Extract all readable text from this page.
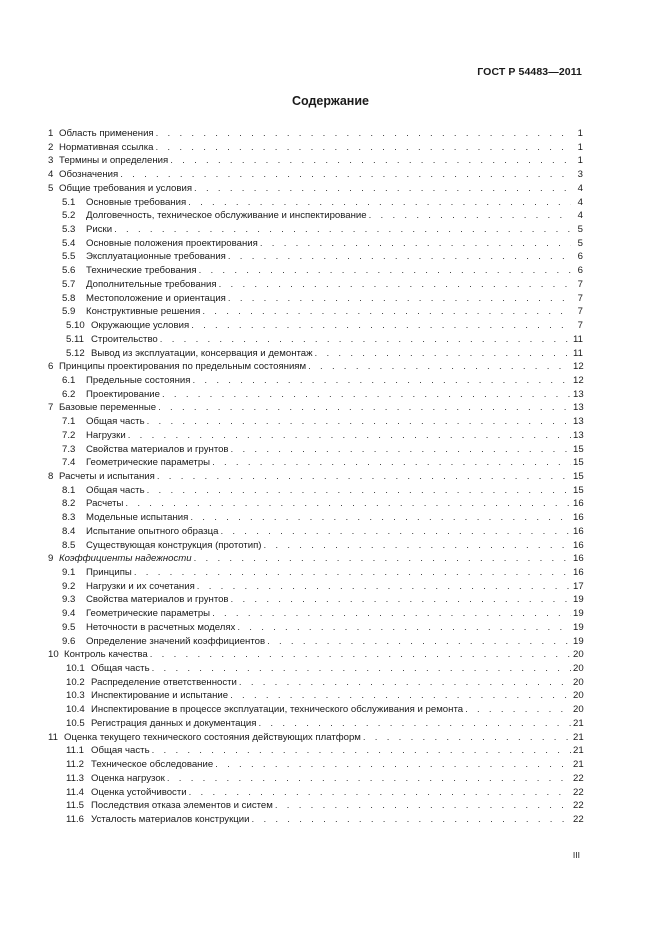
ГОСТ Р 54483—2011
Содержание
1 Область применения . . .	1
2 Нормативная ссылка . . .	1
3 Термины и определения . . .	1
4 Обозначения . . .	3
5 Общие требования и условия . . .	4
5.1	Основные требования . . .	4
5.2	Долговечность, техническое обслуживание и инспектирование . . .	4
5.3	Риски . . .	5
5.4	Основные положения проектирования . . .	5
5.5	Эксплуатационные требования . . .	6
5.6	Технические требования . . .	6
5.7	Дополнительные требования . . .	7
5.8	Местоположение и ориентация . . .	7
5.9	Конструктивные решения . . .	7
5.10 Окружающие условия . . .	7
5.11 Строительство . . .	11
5.12 Вывод из эксплуатации, консервация и демонтаж . . .	11
6 Принципы проектирования по предельным состояниям . . .	12
6.1	Предельные состояния . . .	12
6.2	Проектирование . . .	13
7 Базовые переменные . . .	13
7.1	Общая часть . . .	13
7.2	Нагрузки . . .	13
7.3	Свойства материалов и грунтов . . .	15
7.4	Геометрические параметры . . .	15
8 Расчеты и испытания . . .	15
8.1	Общая часть . . .	15
8.2	Расчеты . . .	16
8.3	Модельные испытания . . .	16
8.4	Испытание опытного образца . . .	16
8.5	Существующая конструкция (прототип) . . .	16
9 Коэффициенты надежности . . .	16
9.1	Принципы . . .	16
9.2	Нагрузки и их сочетания . . .	17
9.3	Свойства материалов и грунтов . . .	19
9.4	Геометрические параметры . . .	19
9.5	Неточности в расчетных моделях . . .	19
9.6	Определение значений коэффициентов . . .	19
10 Контроль качества . . .	20
10.1 Общая часть . . .	20
10.2 Распределение ответственности . . .	20
10.3 Инспектирование и испытание . . .	20
10.4 Инспектирование в процессе эксплуатации, технического обслуживания и ремонта . . .	20
10.5 Регистрация данных и документация . . .	21
11 Оценка текущего технического состояния действующих платформ . . .	21
11.1 Общая часть . . .	21
11.2 Техническое обследование . . .	21
11.3 Оценка нагрузок . . .	22
11.4 Оценка устойчивости . . .	22
11.5 Последствия отказа элементов и систем . . .	22
11.6 Усталость материалов конструкции . . .	22
III
